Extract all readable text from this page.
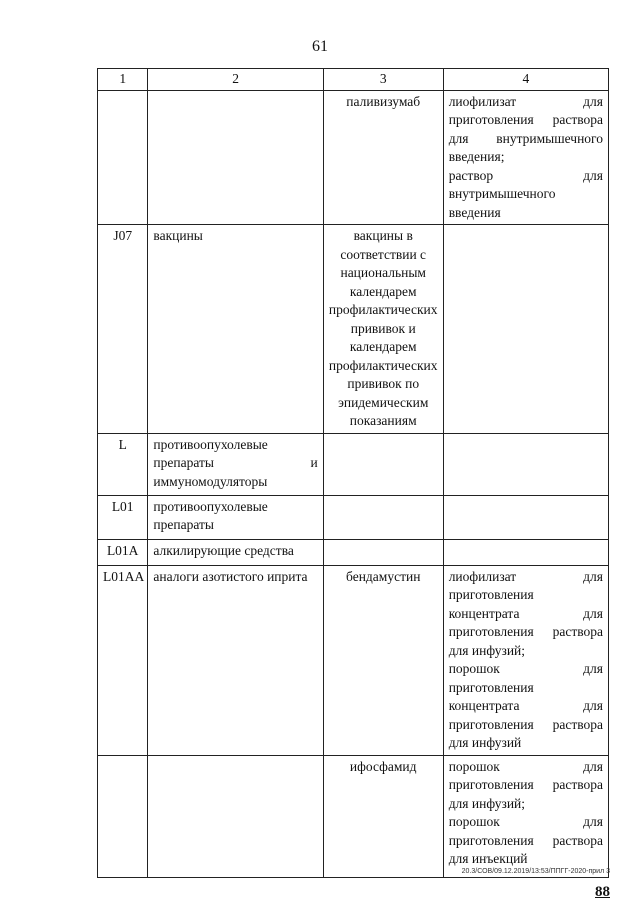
61
1	2	3	4
		паливизумаб	лиофилизат для приготовления раствора для внутримышечного введения;
раствор для внутримышечного введения

J07	вакцины	вакцины в соответствии с национальным календарем профилактических прививок и календарем профилактических прививок по эпидемическим показаниям	
L	противоопухолевые препараты и иммуномодуляторы		
L01	противоопухолевые препараты		
L01A	алкилирующие средства		
L01AA	аналоги азотистого иприта	бендамустин	лиофилизат для приготовления концентрата для приготовления раствора для инфузий;
порошок для приготовления концентрата для приготовления раствора для инфузий

		ифосфамид	порошок для приготовления раствора для инфузий;
порошок для приготовления раствора для инъекций
20.3/СОВ/09.12.2019/13:53/ППГГ-2020-прил 3
88
